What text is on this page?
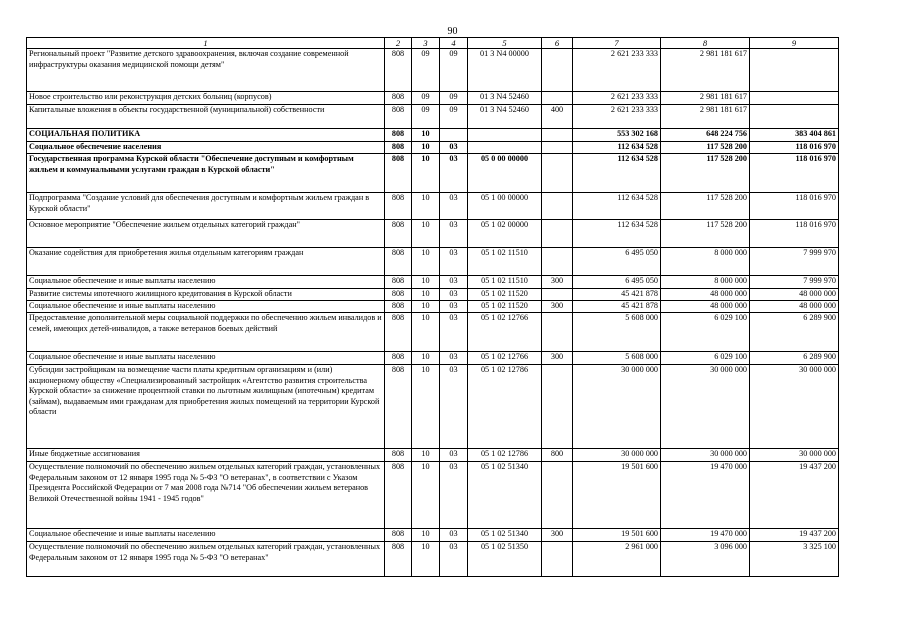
90
1	2	3	4	5	6	7	8	9
Региональный проект "Развитие детского здравоохранения, включая создание современной инфраструктуры оказания медицинской помощи детям"	808	09	09	01 3 N4 00000		2 621 233 333	2 981 181 617	
Новое строительство или реконструкция детских больниц (корпусов)	808	09	09	01 3 N4 52460		2 621 233 333	2 981 181 617	
Капитальные вложения в объекты государственной (муниципальной) собственности	808	09	09	01 3 N4 52460	400	2 621 233 333	2 981 181 617	
СОЦИАЛЬНАЯ ПОЛИТИКА	808	10				553 302 168	648 224 756	383 404 861
Социальное обеспечение населения	808	10	03			112 634 528	117 528 200	118 016 970
Государственная программа Курской области "Обеспечение доступным и комфортным жильем и коммунальными услугами граждан в Курской области"	808	10	03	05 0 00 00000		112 634 528	117 528 200	118 016 970
Подпрограмма "Создание условий для обеспечения доступным и комфортным жильем граждан в Курской области"	808	10	03	05 1 00 00000		112 634 528	117 528 200	118 016 970
Основное мероприятие "Обеспечение жильем отдельных категорий граждан"	808	10	03	05 1 02 00000		112 634 528	117 528 200	118 016 970
Оказание содействия для приобретения жилья отдельным категориям граждан	808	10	03	05 1 02 11510		6 495 050	8 000 000	7 999 970
Социальное обеспечение и иные выплаты населению	808	10	03	05 1 02 11510	300	6 495 050	8 000 000	7 999 970
Развитие системы ипотечного жилищного кредитования в Курской области	808	10	03	05 1 02 11520		45 421 878	48 000 000	48 000 000
Социальное обеспечение и иные выплаты населению	808	10	03	05 1 02 11520	300	45 421 878	48 000 000	48 000 000
Предоставление дополнительной меры социальной поддержки по обеспечению жильем инвалидов и семей, имеющих детей-инвалидов, а также ветеранов боевых действий	808	10	03	05 1 02 12766		5 608 000	6 029 100	6 289 900
Социальное обеспечение и иные выплаты населению	808	10	03	05 1 02 12766	300	5 608 000	6 029 100	6 289 900
Субсидии застройщикам на возмещение части платы кредитным организациям и (или) акционерному обществу «Специализированный застройщик «Агентство развития строительства Курской области» за снижение процентной ставки по льготным жилищным (ипотечным) кредитам (займам), выдаваемым ими гражданам для приобретения жилых помещений на территории Курской области	808	10	03	05 1 02 12786		30 000 000	30 000 000	30 000 000
Иные бюджетные ассигнования	808	10	03	05 1 02 12786	800	30 000 000	30 000 000	30 000 000
Осуществление полномочий по обеспечению жильем отдельных категорий граждан, установленных Федеральным законом от 12 января 1995 года № 5-ФЗ "О ветеранах", в соответствии с Указом Президента Российской Федерации от 7 мая 2008 года №714 "Об обеспечении жильем ветеранов Великой Отечественной войны 1941 - 1945 годов"	808	10	03	05 1 02 51340		19 501 600	19 470 000	19 437 200
Социальное обеспечение и иные выплаты населению	808	10	03	05 1 02 51340	300	19 501 600	19 470 000	19 437 200
Осуществление полномочий по обеспечению жильем отдельных категорий граждан, установленных Федеральным законом от 12 января 1995 года № 5-ФЗ "О ветеранах"	808	10	03	05 1 02 51350		2 961 000	3 096 000	3 325 100
